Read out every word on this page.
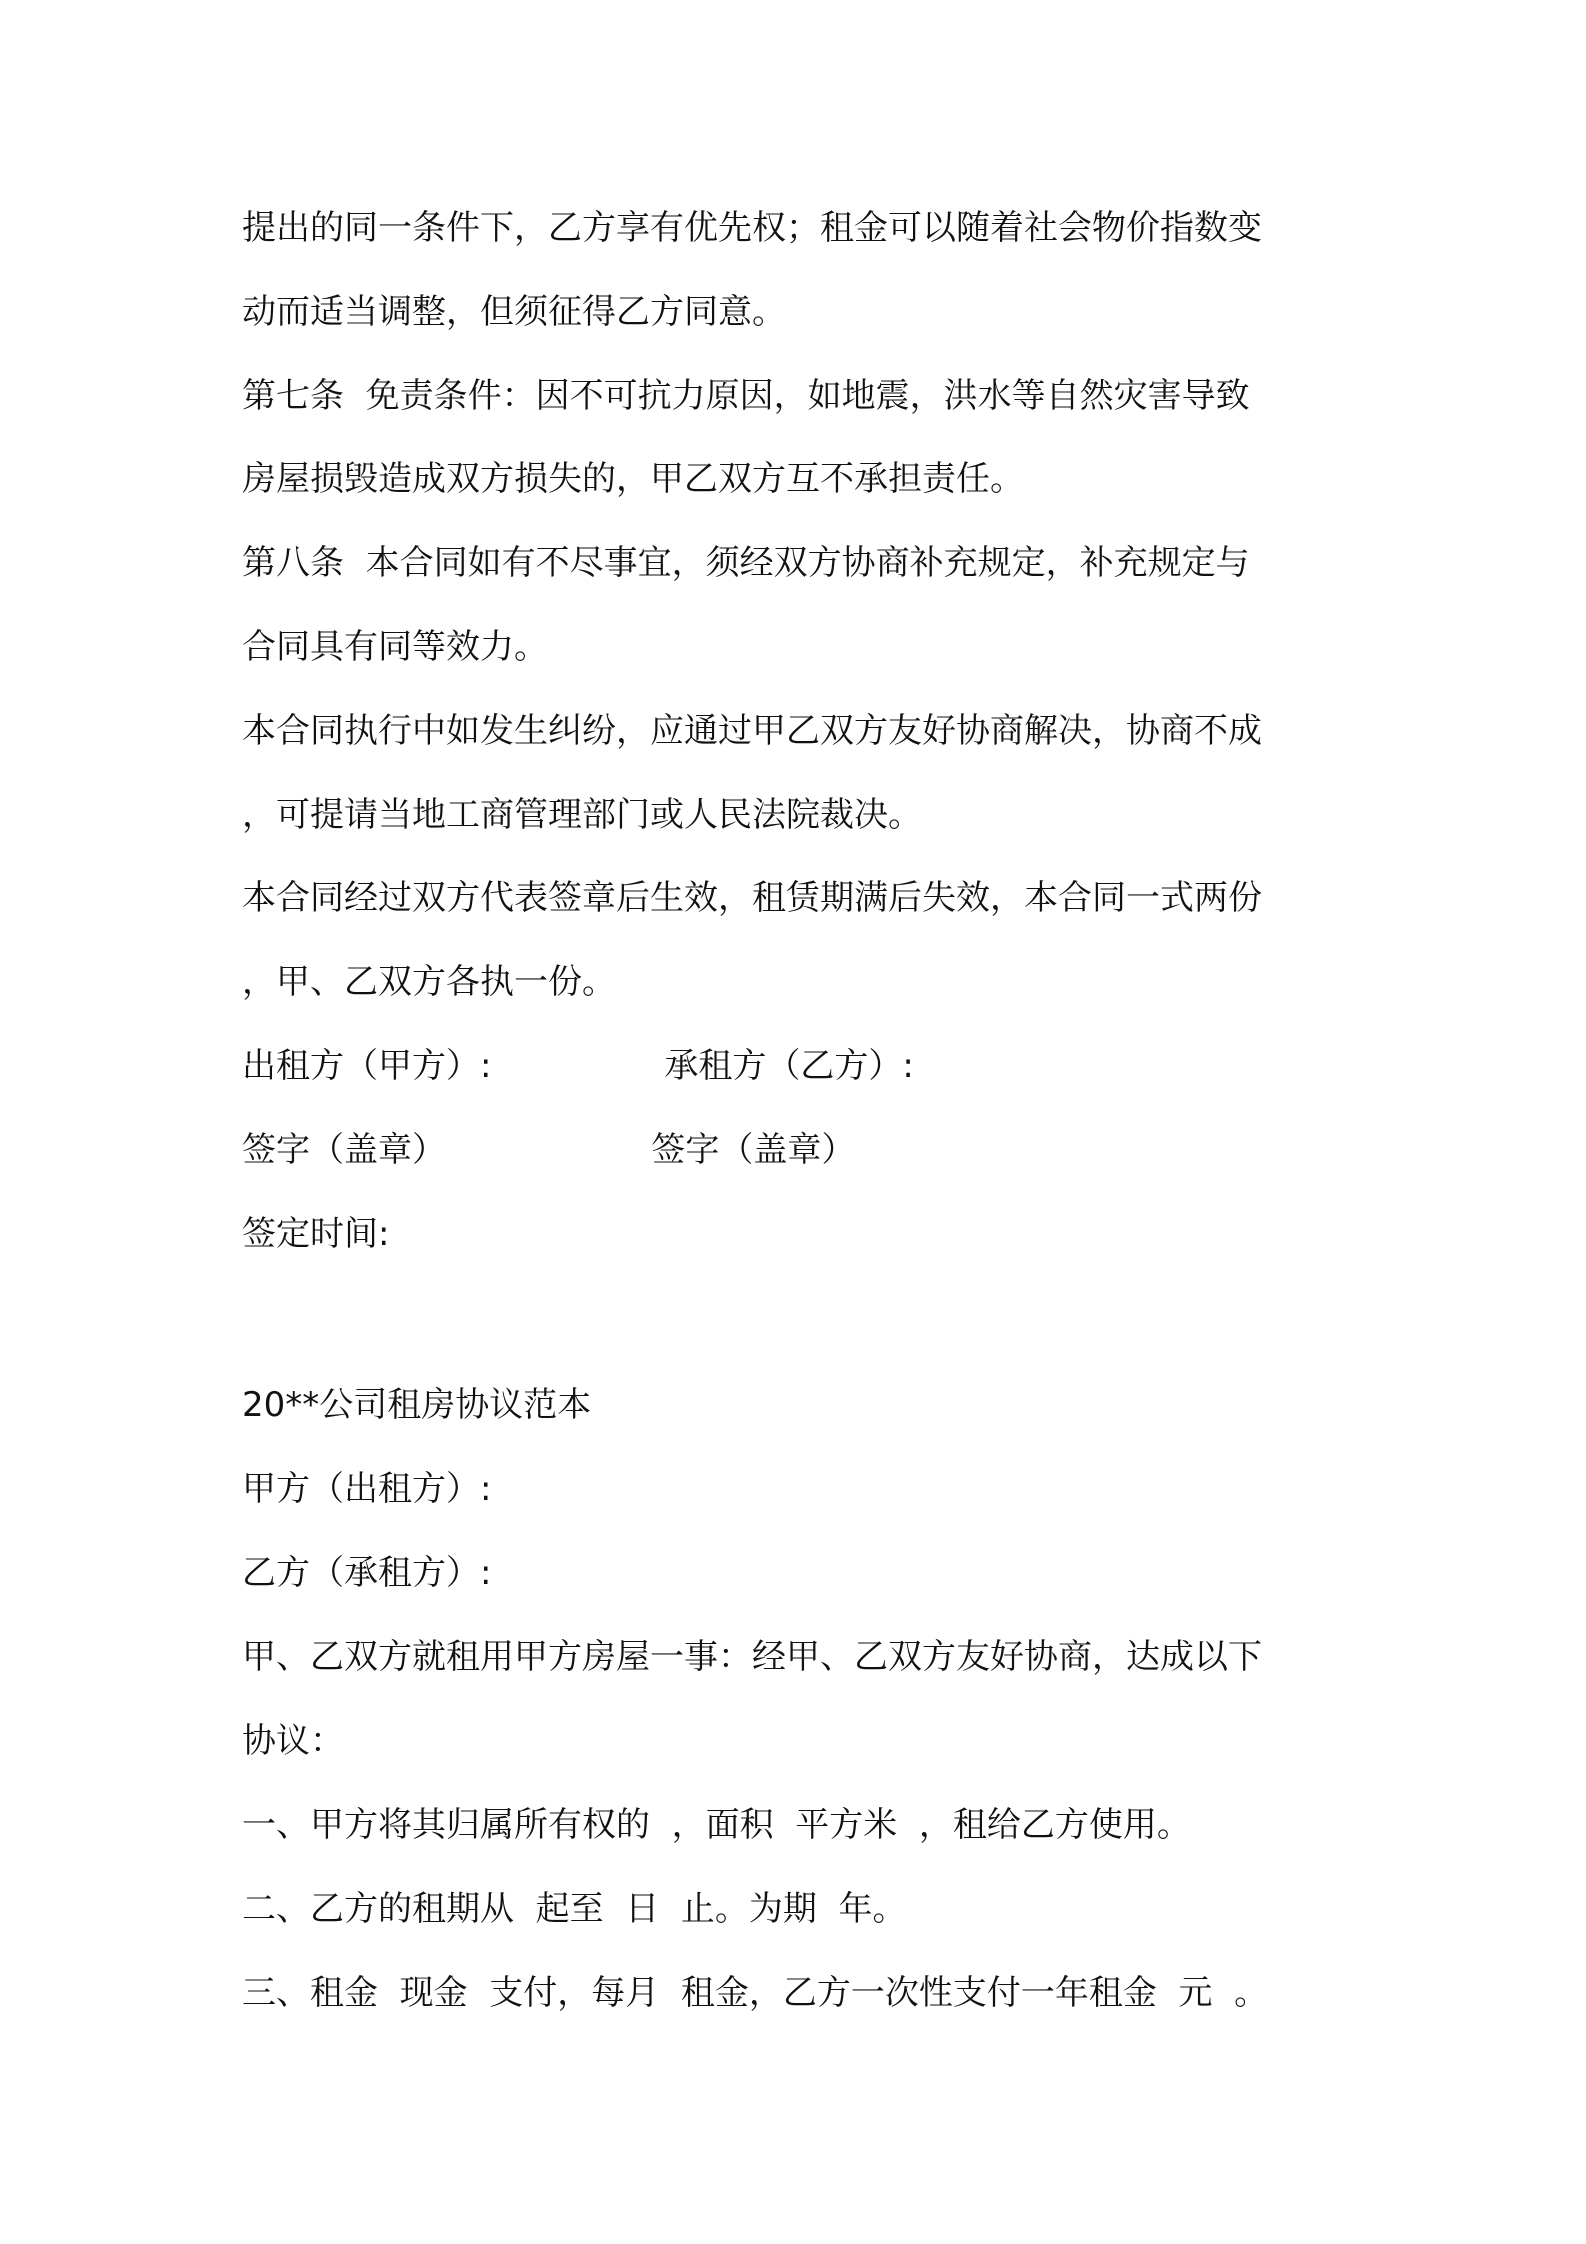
提出的同一条件下，乙方享有优先权；租金可以随着社会物价指数变
动而适当调整，但须征得乙方同意。
第七条  免责条件：因不可抗力原因，如地震，洪水等自然灾害导致
房屋损毁造成双方损失的，甲乙双方互不承担责任。
第八条  本合同如有不尽事宜，须经双方协商补充规定，补充规定与
合同具有同等效力。
本合同执行中如发生纠纷，应通过甲乙双方友好协商解决，协商不成
，可提请当地工商管理部门或人民法院裁决。
本合同经过双方代表签章后生效，租赁期满后失效，本合同一式两份
，甲、乙双方各执一份。
出租方（甲方）:                承租方（乙方）:
签字（盖章）                   签字（盖章）
签定时间:
20**公司租房协议范本
甲方（出租方）:
乙方（承租方）:
甲、乙双方就租用甲方房屋一事：经甲、乙双方友好协商，达成以下
协议：
一、甲方将其归属所有权的  ，面积  平方米  ，租给乙方使用。
二、乙方的租期从  起至  日  止。为期  年。
三、租金  现金  支付，每月  租金，乙方一次性支付一年租金  元  。
